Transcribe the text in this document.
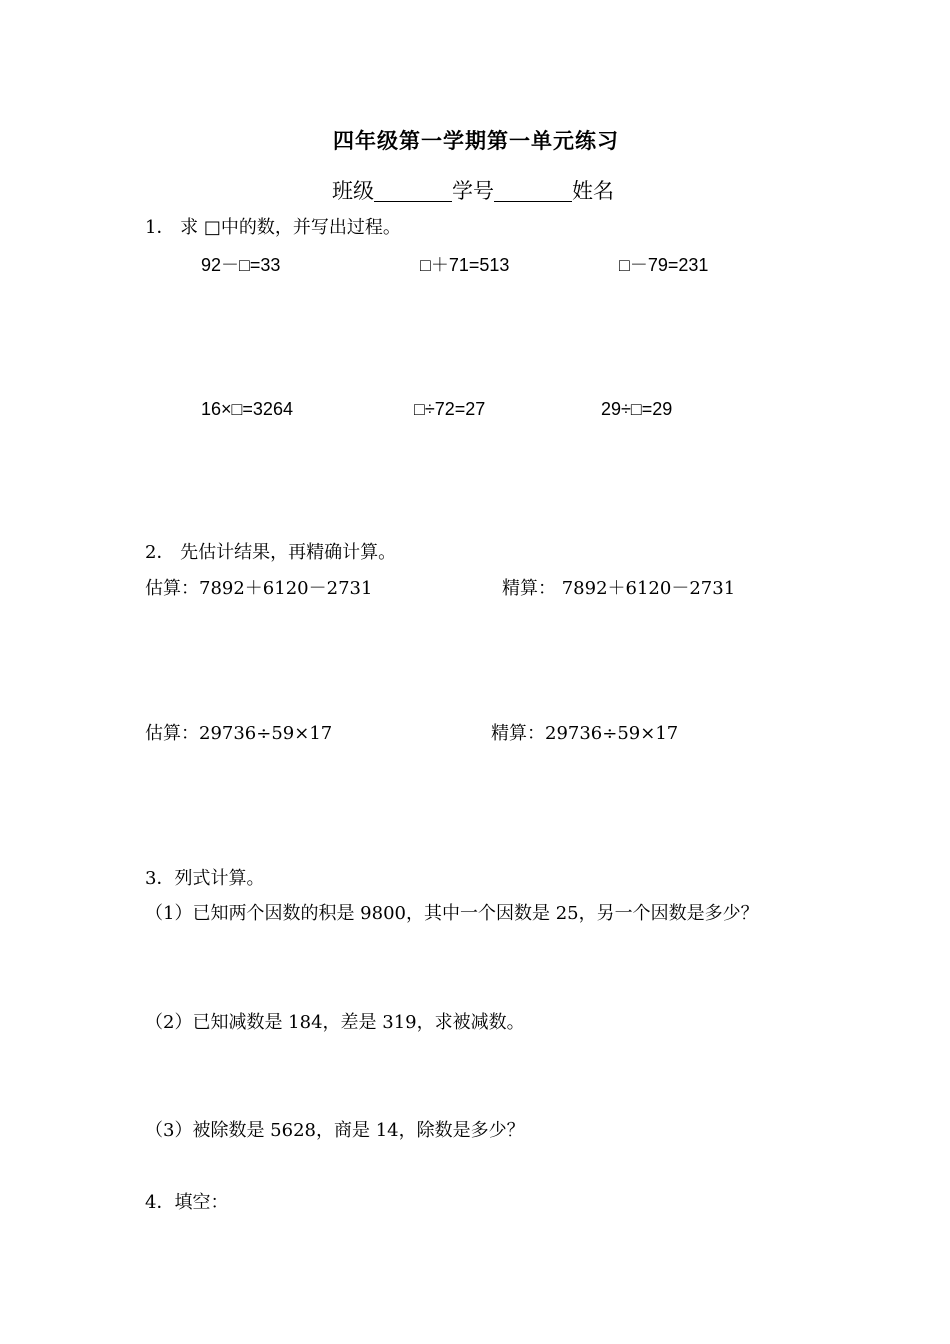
四年级第一学期第一单元练习
班级	学号	姓名
1． 求 □中的数，并写出过程。
92－□=33	□＋71=513	□－79=231
16×□=3264	□÷72=27	29÷□=29
2． 先估计结果，再精确计算。
估算：7892＋6120－2731	精算： 7892＋6120－2731
估算：29736÷59×17	精算：29736÷59×17
3．列式计算。
（1）已知两个因数的积是 9800，其中一个因数是 25，另一个因数是多少？
（2）已知减数是 184，差是 319，求被减数。
（3）被除数是 5628，商是 14，除数是多少？
4．填空：
